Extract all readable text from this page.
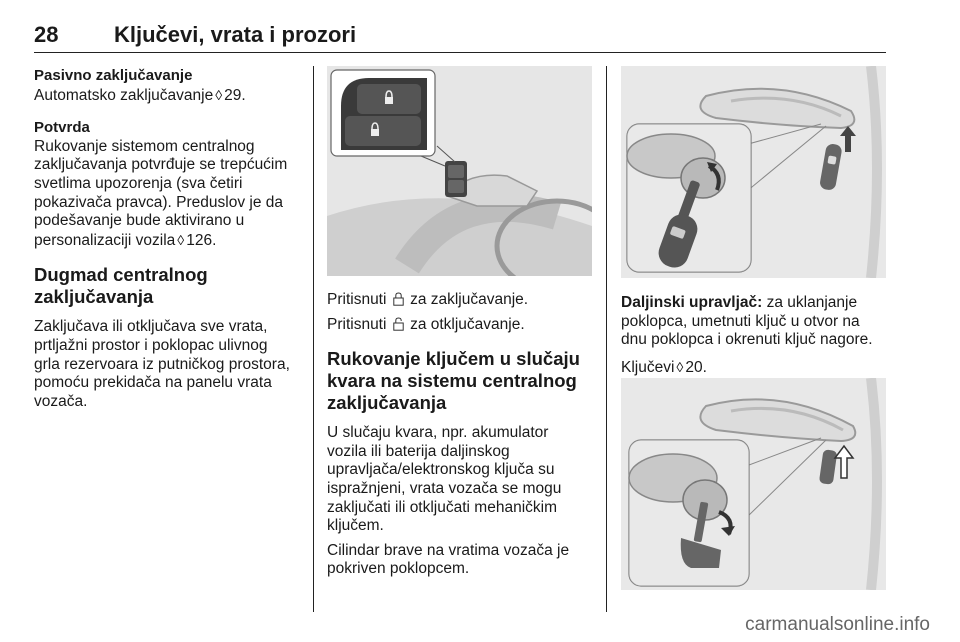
28	Ključevi, vrata i prozori

Pasivno zaključavanje

Automatsko zaključavanje ◊ 29.

Potvrda

Rukovanje sistemom centralnog

zaključavanja potvrđuje se trepćućim

svetlima upozorenja (sva četiri

pokazivača pravca). Preduslov je da

podešavanje bude aktivirano u

personalizaciji vozila ◊ 126.

Dugmad centralnog

zaključavanja

Zaključava ili otključava sve vrata,

prtljažni prostor i poklopac ulivnog

grla rezervoara iz putničkog prostora,

pomoću prekidača na panelu vrata

vozača.

Pritisnuti za zaključavanje.

Pritisnuti za otključavanje.

Rukovanje ključem u slučaju

kvara na sistemu centralnog

zaključavanja

U slučaju kvara, npr. akumulator

vozila ili baterija daljinskog

upravljača/elektronskog ključa su

ispražnjeni, vrata vozača se mogu

zaključati ili otključati mehaničkim

ključem.

Cilindar brave na vratima vozača je

pokriven poklopcem.

Daljinski upravljač: za uklanjanje

poklopca, umetnuti ključ u otvor na

dnu poklopca i okrenuti ključ nagore.

Ključevi ◊ 20.

carmanualsonline.info
